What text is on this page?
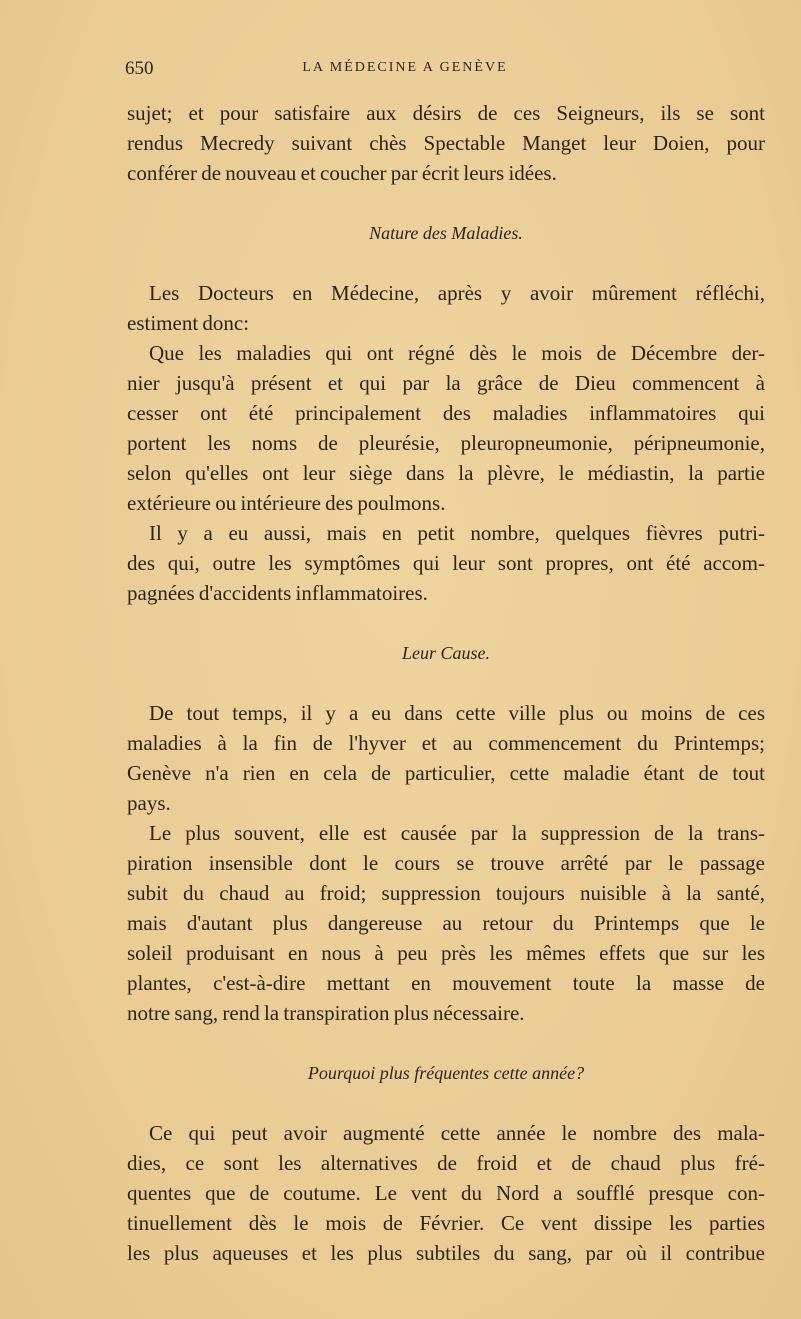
650	LA MÉDECINE A GENÈVE
sujet; et pour satisfaire aux désirs de ces Seigneurs, ils se sont
rendus Mecredy suivant chès Spectable Manget leur Doien, pour
conférer de nouveau et coucher par écrit leurs idées.
Nature des Maladies.
Les Docteurs en Médecine, après y avoir mûrement réfléchi,
estiment donc:
Que les maladies qui ont régné dès le mois de Décembre der-
nier jusqu'à présent et qui par la grâce de Dieu commencent à
cesser ont été principalement des maladies inflammatoires qui
portent les noms de pleurésie, pleuropneumonie, péripneumonie,
selon qu'elles ont leur siège dans la plèvre, le médiastin, la partie
extérieure ou intérieure des poulmons.
Il y a eu aussi, mais en petit nombre, quelques fièvres putri-
des qui, outre les symptômes qui leur sont propres, ont été accom-
pagnées d'accidents inflammatoires.
Leur Cause.
De tout temps, il y a eu dans cette ville plus ou moins de ces
maladies à la fin de l'hyver et au commencement du Printemps;
Genève n'a rien en cela de particulier, cette maladie étant de tout
pays.
Le plus souvent, elle est causée par la suppression de la trans-
piration insensible dont le cours se trouve arrêté par le passage
subit du chaud au froid; suppression toujours nuisible à la santé,
mais d'autant plus dangereuse au retour du Printemps que le
soleil produisant en nous à peu près les mêmes effets que sur les
plantes, c'est-à-dire mettant en mouvement toute la masse de
notre sang, rend la transpiration plus nécessaire.
Pourquoi plus fréquentes cette année?
Ce qui peut avoir augmenté cette année le nombre des mala-
dies, ce sont les alternatives de froid et de chaud plus fré-
quentes que de coutume. Le vent du Nord a soufflé presque con-
tinuellement dès le mois de Février. Ce vent dissipe les parties
les plus aqueuses et les plus subtiles du sang, par où il contribue
